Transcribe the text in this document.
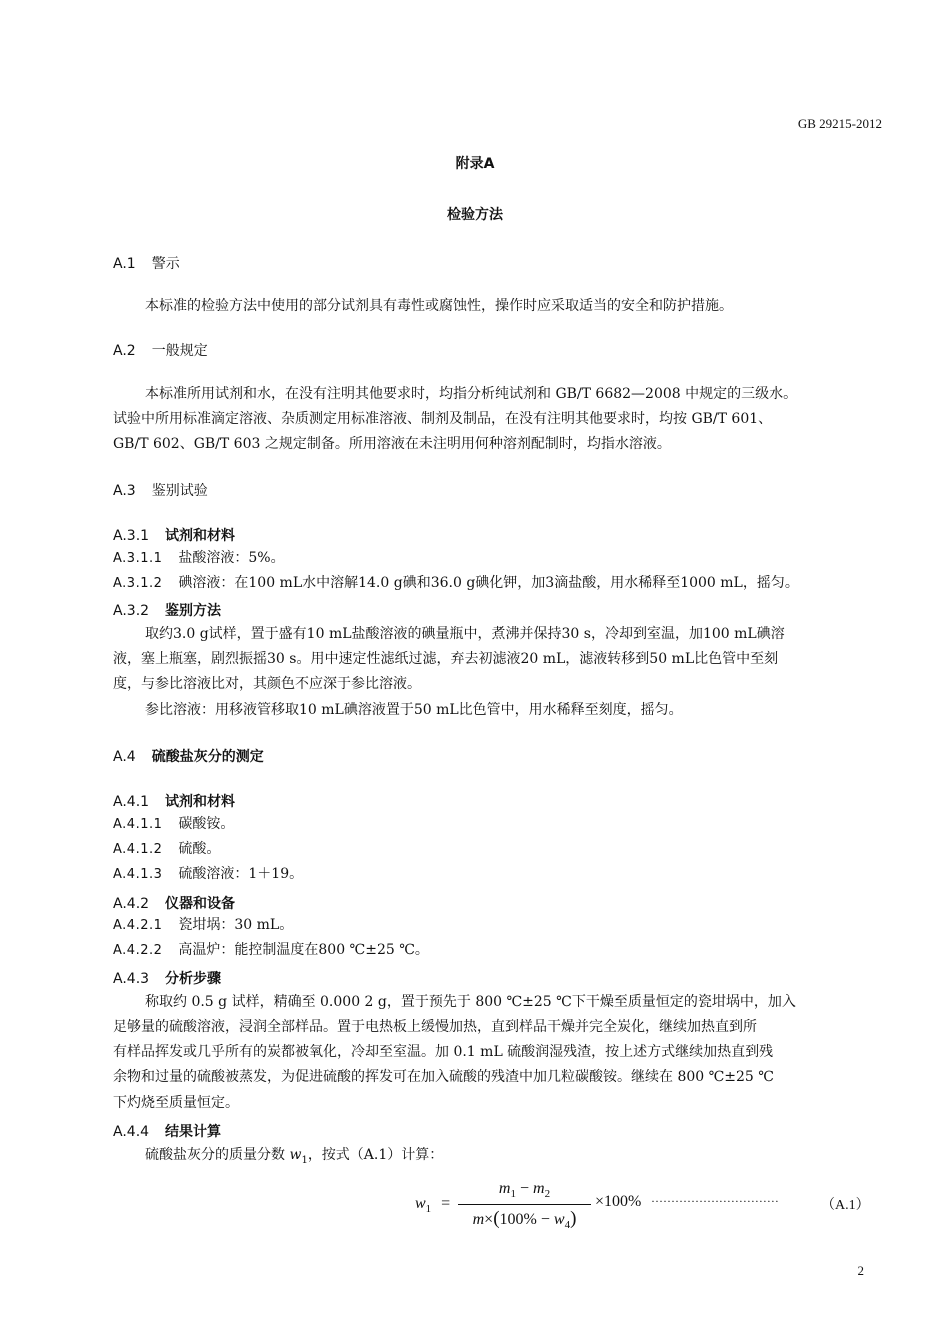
GB 29215-2012
附录A
检验方法
A.1 警示
本标准的检验方法中使用的部分试剂具有毒性或腐蚀性，操作时应采取适当的安全和防护措施。
A.2 一般规定
本标准所用试剂和水，在没有注明其他要求时，均指分析纯试剂和 GB/T 6682—2008 中规定的三级水。
试验中所用标准滴定溶液、杂质测定用标准溶液、制剂及制品，在没有注明其他要求时，均按 GB/T 601、
GB/T 602、GB/T 603 之规定制备。所用溶液在未注明用何种溶剂配制时，均指水溶液。
A.3 鉴别试验
A.3.1 试剂和材料
A.3.1.1 盐酸溶液：5%。
A.3.1.2 碘溶液：在100 mL水中溶解14.0 g碘和36.0 g碘化钾，加3滴盐酸，用水稀释至1000 mL，摇匀。
A.3.2 鉴别方法
取约3.0 g试样，置于盛有10 mL盐酸溶液的碘量瓶中，煮沸并保持30 s，冷却到室温，加100 mL碘溶
液，塞上瓶塞，剧烈振摇30 s。用中速定性滤纸过滤，弃去初滤液20 mL，滤液转移到50 mL比色管中至刻
度，与参比溶液比对，其颜色不应深于参比溶液。
参比溶液：用移液管移取10 mL碘溶液置于50 mL比色管中，用水稀释至刻度，摇匀。
A.4 硫酸盐灰分的测定
A.4.1 试剂和材料
A.4.1.1 碳酸铵。
A.4.1.2 硫酸。
A.4.1.3 硫酸溶液：1＋19。
A.4.2 仪器和设备
A.4.2.1 瓷坩埚：30 mL。
A.4.2.2 高温炉：能控制温度在800 ℃±25 ℃。
A.4.3 分析步骤
称取约 0.5 g 试样，精确至 0.000 2 g，置于预先于 800 ℃±25 ℃下干燥至质量恒定的瓷坩埚中，加入
足够量的硫酸溶液，浸润全部样品。置于电热板上缓慢加热，直到样品干燥并完全炭化，继续加热直到所
有样品挥发或几乎所有的炭都被氧化，冷却至室温。加 0.1 mL 硫酸润湿残渣，按上述方式继续加热直到残
余物和过量的硫酸被蒸发，为促进硫酸的挥发可在加入硫酸的残渣中加几粒碳酸铵。继续在 800 ℃±25 ℃
下灼烧至质量恒定。
A.4.4 结果计算
硫酸盐灰分的质量分数 $w_1$，按式（A.1）计算：
$w_1$ =
$m_1 - m_2$
$m\times(100\% - w_4)$
×100% ································	（A.1）
2
